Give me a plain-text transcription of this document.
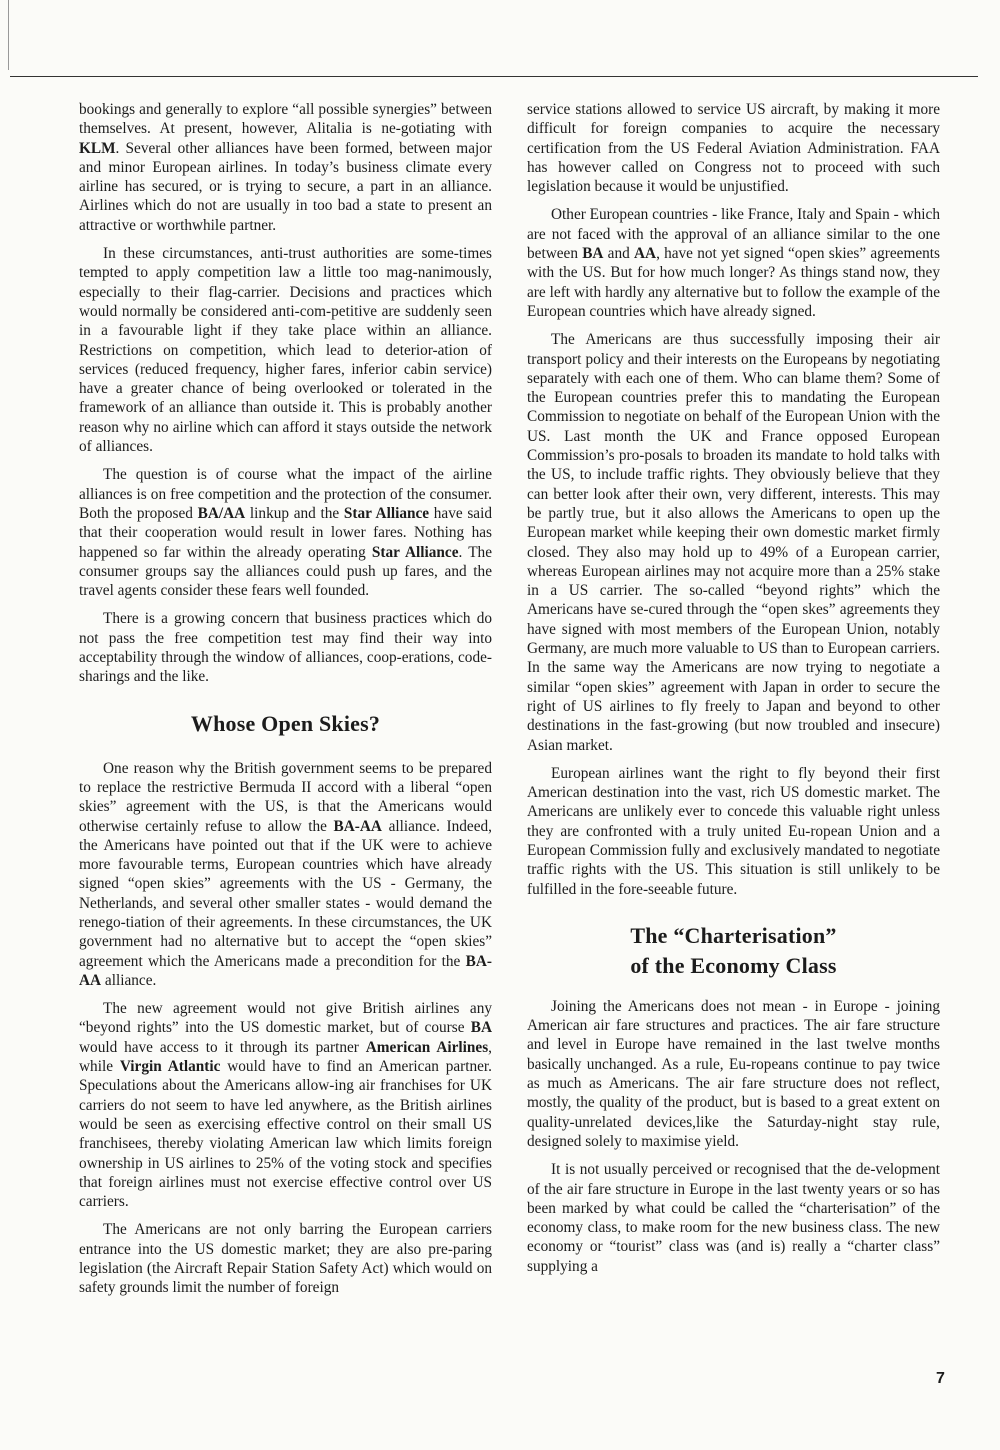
bookings and generally to explore “all possible synergies” between themselves. At present, however, Alitalia is ne-gotiating with KLM. Several other alliances have been formed, between major and minor European airlines. In today’s business climate every airline has secured, or is trying to secure, a part in an alliance. Airlines which do not are usually in too bad a state to present an attractive or worthwhile partner.

In these circumstances, anti-trust authorities are some-times tempted to apply competition law a little too mag-nanimously, especially to their flag-carrier. Decisions and practices which would normally be considered anti-com-petitive are suddenly seen in a favourable light if they take place within an alliance. Restrictions on competition, which lead to deterior-ation of services (reduced frequency, higher fares, inferior cabin service) have a greater chance of being overlooked or tolerated in the framework of an alliance than outside it. This is probably another reason why no airline which can afford it stays outside the network of alliances.

The question is of course what the impact of the airline alliances is on free competition and the protection of the consumer. Both the proposed BA/AA linkup and the Star Alliance have said that their cooperation would result in lower fares. Nothing has happened so far within the already operating Star Alliance. The consumer groups say the alliances could push up fares, and the travel agents consider these fears well founded.

There is a growing concern that business practices which do not pass the free competition test may find their way into acceptability through the window of alliances, coop-erations, code-sharings and the like.

Whose Open Skies?

One reason why the British government seems to be prepared to replace the restrictive Bermuda II accord with a liberal “open skies” agreement with the US, is that the Americans would otherwise certainly refuse to allow the BA-AA alliance. Indeed, the Americans have pointed out that if the UK were to achieve more favourable terms, European countries which have already signed “open skies” agreements with the US - Germany, the Netherlands, and several other smaller states - would demand the renego-tiation of their agreements. In these circumstances, the UK government had no alternative but to accept the “open skies” agreement which the Americans made a precondition for the BA-AA alliance.

The new agreement would not give British airlines any “beyond rights” into the US domestic market, but of course BA would have access to it through its partner American Airlines, while Virgin Atlantic would have to find an American partner. Speculations about the Americans allow-ing air franchises for UK carriers do not seem to have led anywhere, as the British airlines would be seen as exercising effective control on their small US franchisees, thereby violating American law which limits foreign ownership in US airlines to 25% of the voting stock and specifies that foreign airlines must not exercise effective control over US carriers.

The Americans are not only barring the European carriers entrance into the US domestic market; they are also pre-paring legislation (the Aircraft Repair Station Safety Act) which would on safety grounds limit the number of foreign

service stations allowed to service US aircraft, by making it more difficult for foreign companies to acquire the necessary certification from the US Federal Aviation Administration. FAA has however called on Congress not to proceed with such legislation because it would be unjustified.

Other European countries - like France, Italy and Spain - which are not faced with the approval of an alliance similar to the one between BA and AA, have not yet signed “open skies” agreements with the US. But for how much longer? As things stand now, they are left with hardly any alternative but to follow the example of the European countries which have already signed.

The Americans are thus successfully imposing their air transport policy and their interests on the Europeans by negotiating separately with each one of them. Who can blame them? Some of the European countries prefer this to mandating the European Commission to negotiate on behalf of the European Union with the US. Last month the UK and France opposed European Commission’s pro-posals to broaden its mandate to hold talks with the US, to include traffic rights. They obviously believe that they can better look after their own, very different, interests. This may be partly true, but it also allows the Americans to open up the European market while keeping their own domestic market firmly closed. They also may hold up to 49% of a European carrier, whereas European airlines may not acquire more than a 25% stake in a US carrier. The so-called “beyond rights” which the Americans have se-cured through the “open skes” agreements they have signed with most members of the European Union, notably Germany, are much more valuable to US than to European carriers. In the same way the Americans are now trying to negotiate a similar “open skies” agreement with Japan in order to secure the right of US airlines to fly freely to Japan and beyond to other destinations in the fast-growing (but now troubled and insecure) Asian market.

European airlines want the right to fly beyond their first American destination into the vast, rich US domestic market. The Americans are unlikely ever to concede this valuable right unless they are confronted with a truly united Eu-ropean Union and a European Commission fully and exclusively mandated to negotiate traffic rights with the US. This situation is still unlikely to be fulfilled in the fore-seeable future.

The “Charterisation”
of the Economy Class

Joining the Americans does not mean - in Europe - joining American air fare structures and practices. The air fare structure and level in Europe have remained in the last twelve months basically unchanged. As a rule, Eu-ropeans continue to pay twice as much as Americans. The air fare structure does not reflect, mostly, the quality of the product, but is based to a great extent on quality-unrelated devices,like the Saturday-night stay rule, designed solely to maximise yield.

It is not usually perceived or recognised that the de-velopment of the air fare structure in Europe in the last twenty years or so has been marked by what could be called the “charterisation” of the economy class, to make room for the new business class. The new economy or “tourist” class was (and is) really a “charter class” supplying a

7
